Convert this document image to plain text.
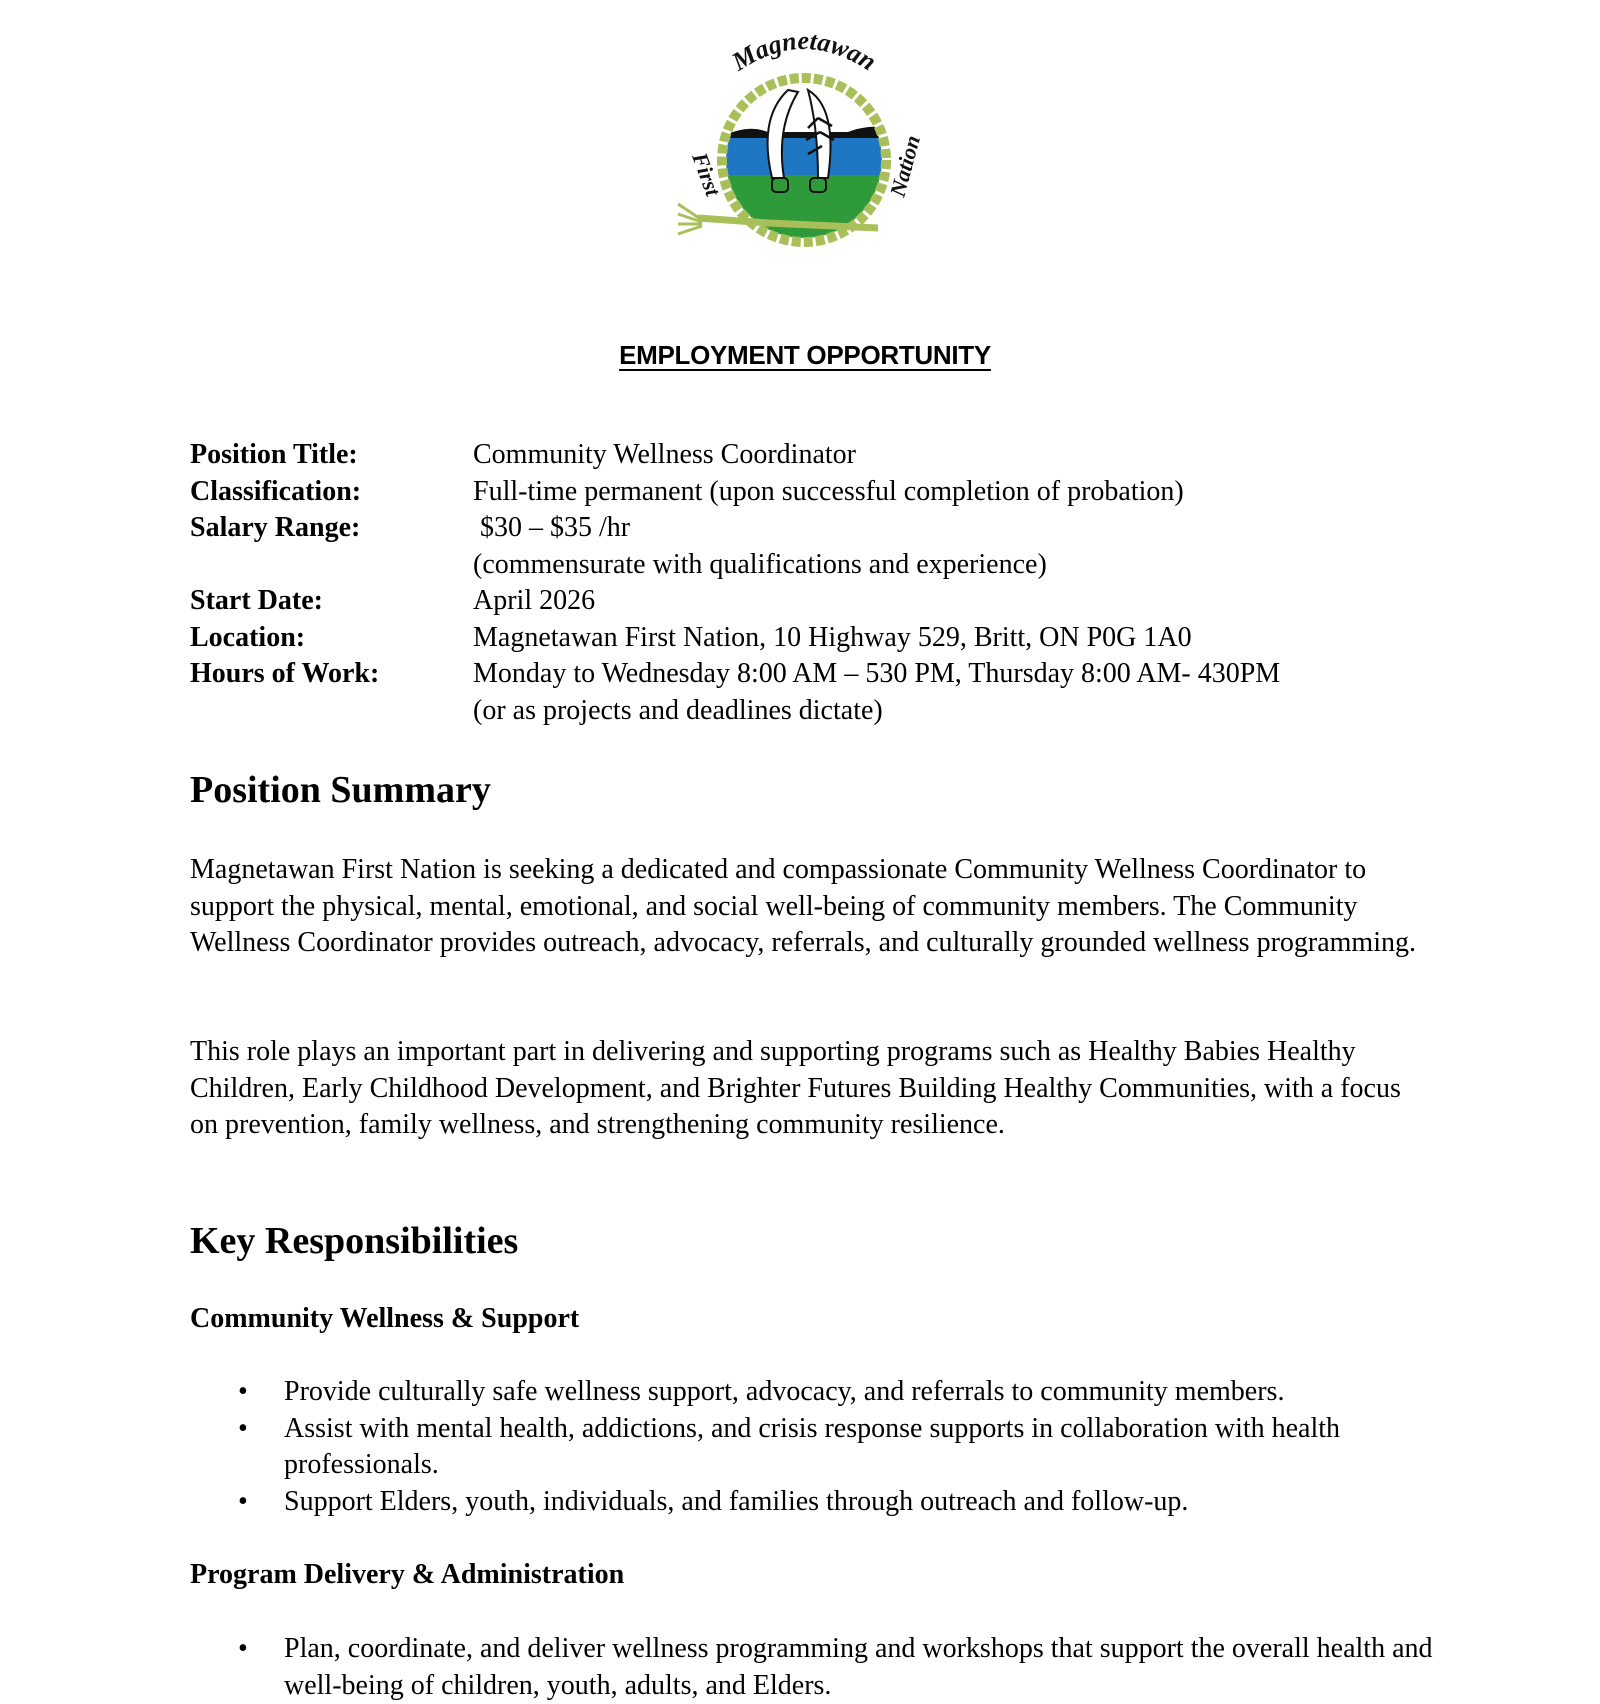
Magnetawan
First	Nation
EMPLOYMENT OPPORTUNITY
Position Title:	Community Wellness Coordinator
Classification:	Full-time permanent (upon successful completion of probation)
Salary Range:	$30 – $35 /hr
(commensurate with qualifications and experience)
Start Date:	April 2026
Location:	Magnetawan First Nation, 10 Highway 529, Britt, ON P0G 1A0
Hours of Work:	Monday to Wednesday 8:00 AM – 530 PM, Thursday 8:00 AM- 430PM
(or as projects and deadlines dictate)
Position Summary

Magnetawan First Nation is seeking a dedicated and compassionate Community Wellness Coordinator to support the physical, mental, emotional, and social well-being of community members. The Community Wellness Coordinator provides outreach, advocacy, referrals, and culturally grounded wellness programming.

This role plays an important part in delivering and supporting programs such as Healthy Babies Healthy Children, Early Childhood Development, and Brighter Futures Building Healthy Communities, with a focus on prevention, family wellness, and strengthening community resilience.

Key Responsibilities
Community Wellness & Support
• Provide culturally safe wellness support, advocacy, and referrals to community members.
• Assist with mental health, addictions, and crisis response supports in collaboration with health professionals.
• Support Elders, youth, individuals, and families through outreach and follow-up.
Program Delivery & Administration
• Plan, coordinate, and deliver wellness programming and workshops that support the overall health and well-being of children, youth, adults, and Elders.
